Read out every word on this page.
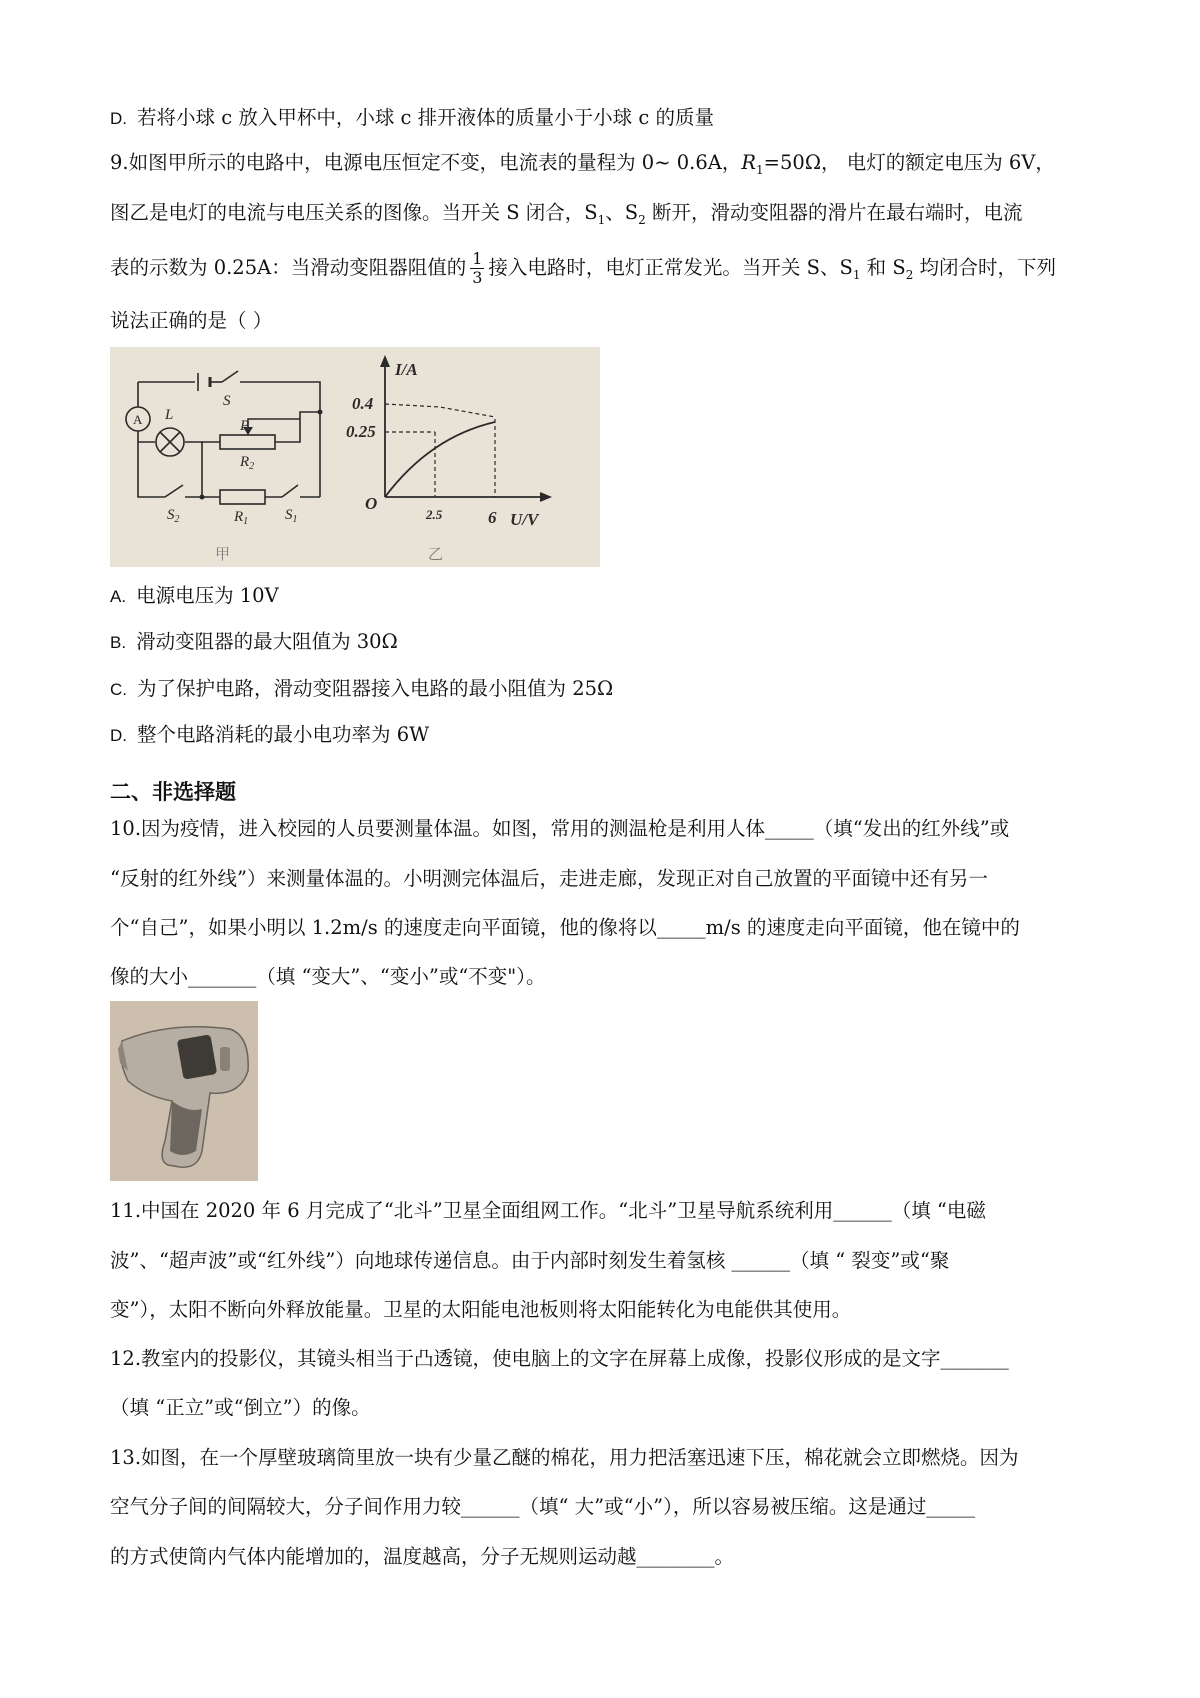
D. 若将小球 c 放入甲杯中，小球 c 排开液体的质量小于小球 c 的质量
9.如图甲所示的电路中，电源电压恒定不变，电流表的量程为 0~ 0.6A，$R_1=50\Omega$， 电灯的额定电压为 6V，
图乙是电灯的电流与电压关系的图像。当开关 S 闭合，$S_1$、$S_2$ 断开，滑动变阻器的滑片在最右端时，电流
表的示数为 0.25A：当滑动变阻器阻值的 $\frac{1}{3}$ 接入电路时，电灯正常发光。当开关 S、$S_1$ 和 $S_2$ 均闭合时，下列
说法正确的是（ ）
A L
S
P
$R_2$
$R_1$
$S_2$	$S_1$
甲
I/A
0.4
0.25
O
2.5	6 U/V
乙
A. 电源电压为 10V
B. 滑动变阻器的最大阻值为 30Ω
C. 为了保护电路，滑动变阻器接入电路的最小阻值为 25Ω
D. 整个电路消耗的最小电功率为 6W
二、非选择题
10.因为疫情，进入校园的人员要测量体温。如图，常用的测温枪是利用人体_____（填“发出的红外线”或
“反射的红外线”）来测量体温的。小明测完体温后，走进走廊，发现正对自己放置的平面镜中还有另一
个“自己”，如果小明以 1.2m/s 的速度走向平面镜，他的像将以_____m/s 的速度走向平面镜，他在镜中的
像的大小_______（填 “变大”、“变小”或“不变"）。
11.中国在 2020 年 6 月完成了“北斗”卫星全面组网工作。“北斗”卫星导航系统利用______（填 “电磁
波”、“超声波”或“红外线”）向地球传递信息。由于内部时刻发生着氢核 ______（填 “ 裂变”或“聚
变”），太阳不断向外释放能量。卫星的太阳能电池板则将太阳能转化为电能供其使用。
12.教室内的投影仪，其镜头相当于凸透镜，使电脑上的文字在屏幕上成像，投影仪形成的是文字_______
（填 “正立”或“倒立”）的像。
13.如图，在一个厚壁玻璃筒里放一块有少量乙醚的棉花，用力把活塞迅速下压，棉花就会立即燃烧。因为
空气分子间的间隔较大，分子间作用力较______（填“ 大”或“小”），所以容易被压缩。这是通过_____
的方式使筒内气体内能增加的，温度越高，分子无规则运动越________。
